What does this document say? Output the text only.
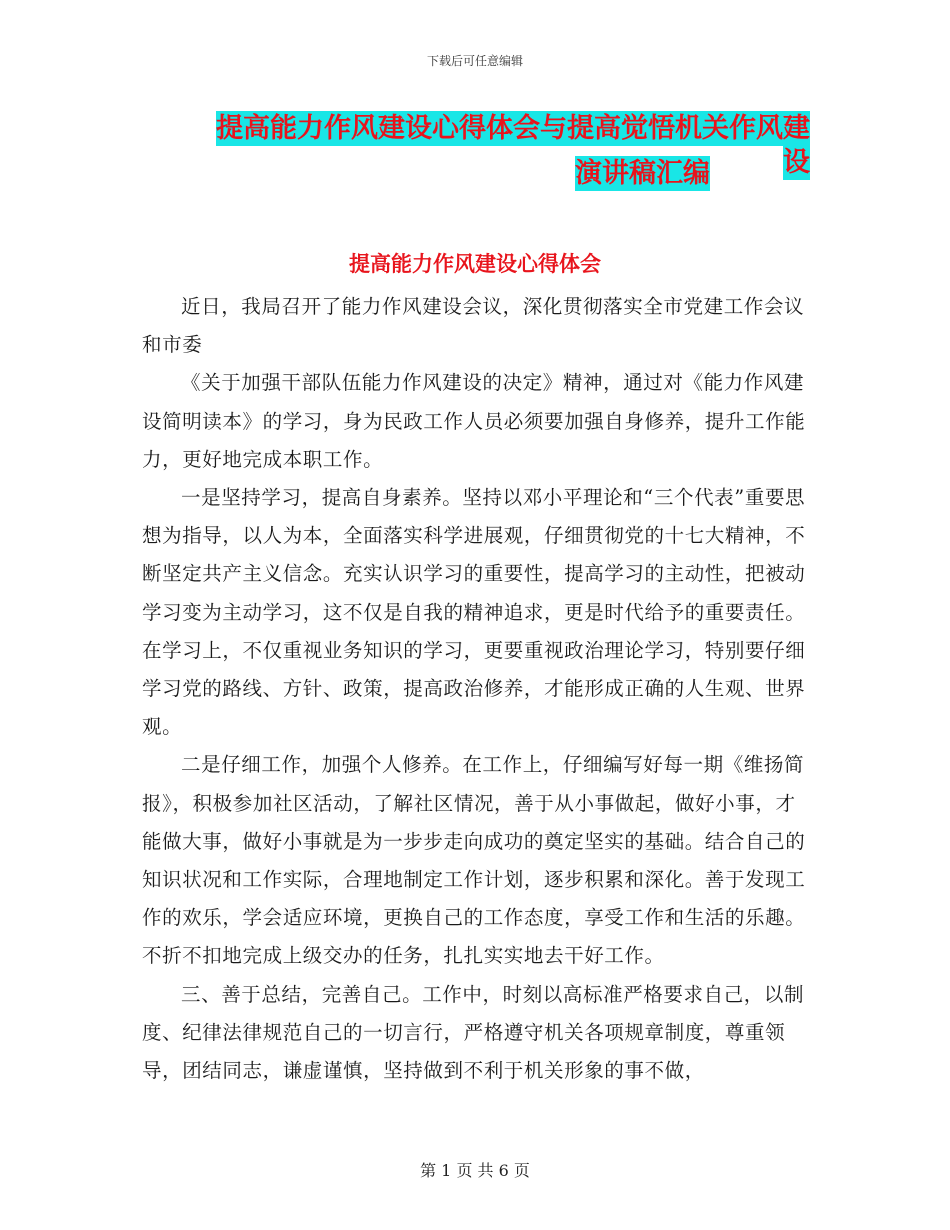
下载后可任意编辑
提高能力作风建设心得体会与提高觉悟机关作风建设
演讲稿汇编
提高能力作风建设心得体会

近日，我局召开了能力作风建设会议，深化贯彻落实全市党建工作会议和市委

《关于加强干部队伍能力作风建设的决定》精神，通过对《能力作风建设简明读本》的学习，身为民政工作人员必须要加强自身修养，提升工作能力，更好地完成本职工作。

一是坚持学习，提高自身素养。坚持以邓小平理论和“三个代表”重要思想为指导，以人为本，全面落实科学进展观，仔细贯彻党的十七大精神，不断坚定共产主义信念。充实认识学习的重要性，提高学习的主动性，把被动学习变为主动学习，这不仅是自我的精神追求，更是时代给予的重要责任。在学习上，不仅重视业务知识的学习，更要重视政治理论学习，特别要仔细学习党的路线、方针、政策，提高政治修养，才能形成正确的人生观、世界观。

二是仔细工作，加强个人修养。在工作上，仔细编写好每一期《维扬简报》，积极参加社区活动，了解社区情况，善于从小事做起，做好小事，才能做大事，做好小事就是为一步步走向成功的奠定坚实的基础。结合自己的知识状况和工作实际，合理地制定工作计划，逐步积累和深化。善于发现工作的欢乐，学会适应环境，更换自己的工作态度，享受工作和生活的乐趣。不折不扣地完成上级交办的任务，扎扎实实地去干好工作。

三、善于总结，完善自己。工作中，时刻以高标准严格要求自己，以制度、纪律法律规范自己的一切言行，严格遵守机关各项规章制度，尊重领导，团结同志，谦虚谨慎，坚持做到不利于机关形象的事不做，

第 1 页 共 6 页
